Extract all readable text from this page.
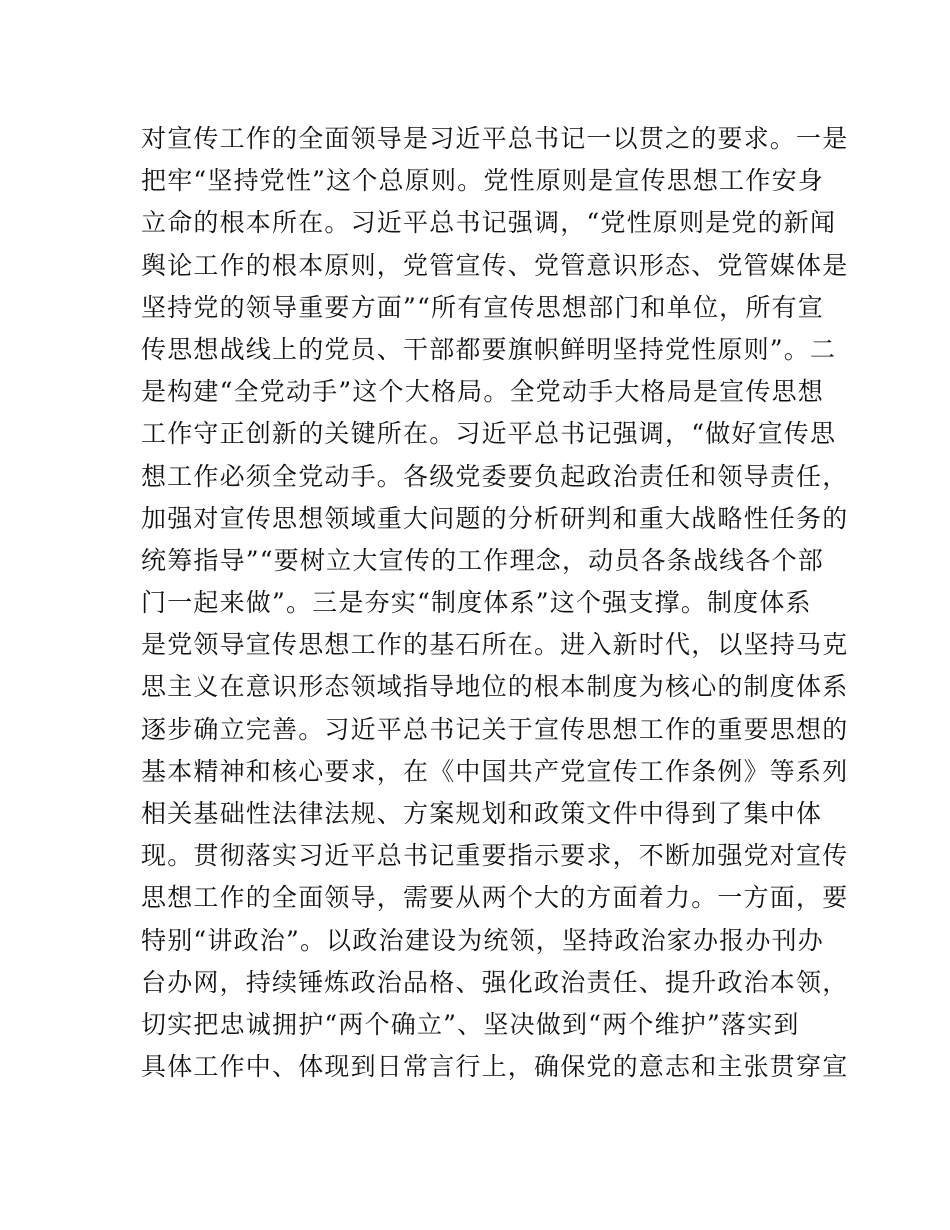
对宣传工作的全面领导是习近平总书记一以贯之的要求。一是
把牢“坚持党性”这个总原则。党性原则是宣传思想工作安身
立命的根本所在。习近平总书记强调，“党性原则是党的新闻
舆论工作的根本原则，党管宣传、党管意识形态、党管媒体是
坚持党的领导重要方面”“所有宣传思想部门和单位，所有宣
传思想战线上的党员、干部都要旗帜鲜明坚持党性原则”。二
是构建“全党动手”这个大格局。全党动手大格局是宣传思想
工作守正创新的关键所在。习近平总书记强调，“做好宣传思
想工作必须全党动手。各级党委要负起政治责任和领导责任，
加强对宣传思想领域重大问题的分析研判和重大战略性任务的
统筹指导”“要树立大宣传的工作理念，动员各条战线各个部
门一起来做”。三是夯实“制度体系”这个强支撑。制度体系
是党领导宣传思想工作的基石所在。进入新时代，以坚持马克
思主义在意识形态领域指导地位的根本制度为核心的制度体系
逐步确立完善。习近平总书记关于宣传思想工作的重要思想的
基本精神和核心要求，在《中国共产党宣传工作条例》等系列
相关基础性法律法规、方案规划和政策文件中得到了集中体
现。贯彻落实习近平总书记重要指示要求，不断加强党对宣传
思想工作的全面领导，需要从两个大的方面着力。一方面，要
特别“讲政治”。以政治建设为统领，坚持政治家办报办刊办
台办网，持续锤炼政治品格、强化政治责任、提升政治本领，
切实把忠诚拥护“两个确立”、坚决做到“两个维护”落实到
具体工作中、体现到日常言行上，确保党的意志和主张贯穿宣
